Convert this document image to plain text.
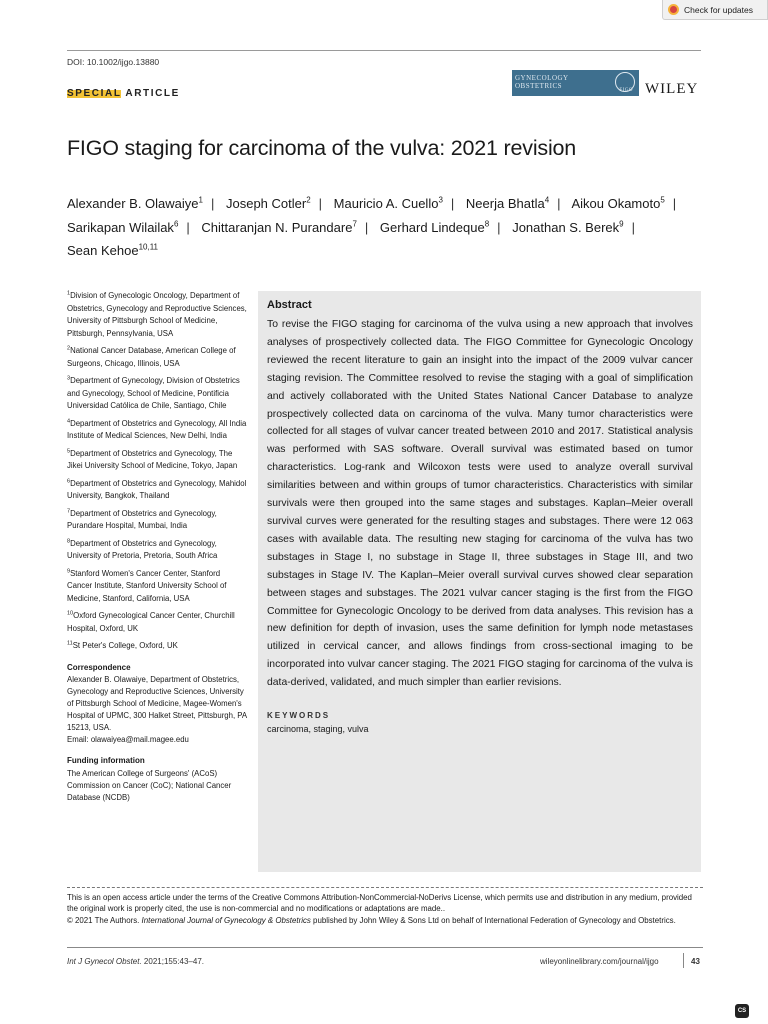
Check for updates
DOI: 10.1002/ijgo.13880
SPECIAL ARTICLE
GYNECOLOGY
OBSTETRICS
FIGO WILEY
FIGO staging for carcinoma of the vulva: 2021 revision
Alexander B. Olawaiye$^1$ | Joseph Cotler$^2$ | Mauricio A. Cuello$^3$ | Neerja Bhatla$^4$ | Aikou Okamoto$^5$ | Sarikapan Wilailak$^6$ | Chittaranjan N. Purandare$^7$ | Gerhard Lindeque$^8$ | Jonathan S. Berek$^9$ | Sean Kehoe$^{10,11}$
$^1$Division of Gynecologic Oncology, Department of Obstetrics, Gynecology and Reproductive Sciences, University of Pittsburgh School of Medicine, Pittsburgh, Pennsylvania, USA
$^2$National Cancer Database, American College of Surgeons, Chicago, Illinois, USA
$^3$Department of Gynecology, Division of Obstetrics and Gynecology, School of Medicine, Pontificia Universidad Católica de Chile, Santiago, Chile
$^4$Department of Obstetrics and Gynecology, All India Institute of Medical Sciences, New Delhi, India
$^5$Department of Obstetrics and Gynecology, The Jikei University School of Medicine, Tokyo, Japan
$^6$Department of Obstetrics and Gynecology, Mahidol University, Bangkok, Thailand
$^7$Department of Obstetrics and Gynecology, Purandare Hospital, Mumbai, India
$^8$Department of Obstetrics and Gynecology, University of Pretoria, Pretoria, South Africa
$^9$Stanford Women's Cancer Center, Stanford Cancer Institute, Stanford University School of Medicine, Stanford, California, USA
$^{10}$Oxford Gynecological Cancer Center, Churchill Hospital, Oxford, UK
$^{11}$St Peter's College, Oxford, UK
Correspondence
Alexander B. Olawaiye, Department of Obstetrics, Gynecology and Reproductive Sciences, University of Pittsburgh School of Medicine, Magee-Women's Hospital of UPMC, 300 Halket Street, Pittsburgh, PA 15213, USA.
Email: olawaiyea@mail.magee.edu
Funding information
The American College of Surgeons' (ACoS) Commission on Cancer (CoC); National Cancer Database (NCDB)
Abstract
To revise the FIGO staging for carcinoma of the vulva using a new approach that involves analyses of prospectively collected data. The FIGO Committee for Gynecologic Oncology reviewed the recent literature to gain an insight into the impact of the 2009 vulvar cancer staging revision. The Committee resolved to revise the staging with a goal of simplification and actively collaborated with the United States National Cancer Database to analyze prospectively collected data on carcinoma of the vulva. Many tumor characteristics were collected for all stages of vulvar cancer treated between 2010 and 2017. Statistical analysis was performed with SAS software. Overall survival was estimated based on tumor characteristics. Log-rank and Wilcoxon tests were used to analyze overall survival similarities between and within groups of tumor characteristics. Characteristics with similar survivals were then grouped into the same stages and substages. Kaplan–Meier overall survival curves were generated for the resulting stages and substages. There were 12 063 cases with available data. The resulting new staging for carcinoma of the vulva has two substages in Stage I, no substage in Stage II, three substages in Stage III, and two substages in Stage IV. The Kaplan–Meier overall survival curves showed clear separation between stages and substages. The 2021 vulvar cancer staging is the first from the FIGO Committee for Gynecologic Oncology to be derived from data analyses. This revision has a new definition for depth of invasion, uses the same definition for lymph node metastases utilized in cervical cancer, and allows findings from cross-sectional imaging to be incorporated into vulvar cancer staging. The 2021 FIGO staging for carcinoma of the vulva is data-derived, validated, and much simpler than earlier revisions.
KEYWORDS
carcinoma, staging, vulva
This is an open access article under the terms of the Creative Commons Attribution-NonCommercial-NoDerivs License, which permits use and distribution in any medium, provided the original work is properly cited, the use is non-commercial and no modifications or adaptations are made..
© 2021 The Authors. International Journal of Gynecology & Obstetrics published by John Wiley & Sons Ltd on behalf of International Federation of Gynecology and Obstetrics.
Int J Gynecol Obstet. 2021;155:43–47.	wileyonlinelibrary.com/journal/ijgo	43
CS
